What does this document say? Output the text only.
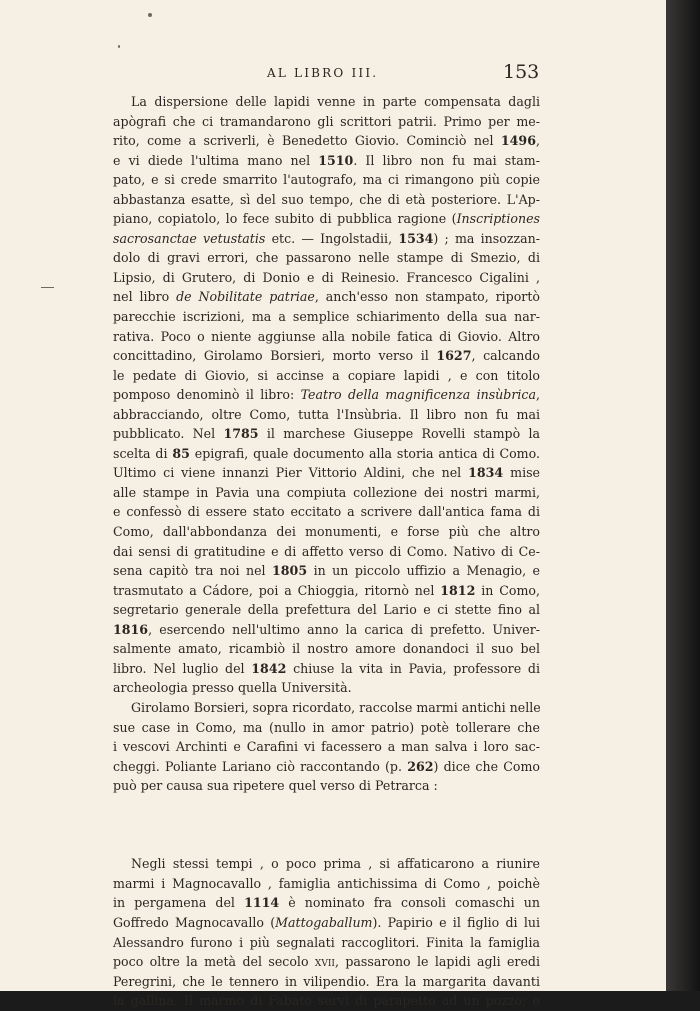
AL LIBRO III.	153
La dispersione delle lapidi venne in parte compensata dagli
apògrafi che ci tramandarono gli scrittori patrii. Primo per me-
rito, come a scriverli, è Benedetto Giovio. Cominciò nel 1496,
e vi diede l'ultima mano nel 1510. Il libro non fu mai stam-
pato, e si crede smarrito l'autografo, ma ci rimangono più copie
abbastanza esatte, sì del suo tempo, che di età posteriore. L'Ap-
piano, copiatolo, lo fece subito di pubblica ragione (Inscriptiones
sacrosanctae vetustatis etc. — Ingolstadii, 1534) ; ma insozzan-
dolo di gravi errori, che passarono nelle stampe di Smezio, di
Lipsio, di Grutero, di Donio e di Reinesio. Francesco Cigalini ,
nel libro de Nobilitate patriae, anch'esso non stampato, riportò
parecchie iscrizioni, ma a semplice schiarimento della sua nar-
rativa. Poco o niente aggiunse alla nobile fatica di Giovio. Altro
concittadino, Girolamo Borsieri, morto verso il 1627, calcando
le pedate di Giovio, si accinse a copiare lapidi , e con titolo
pomposo denominò il libro: Teatro della magnificenza insùbrica,
abbracciando, oltre Como, tutta l'Insùbria. Il libro non fu mai
pubblicato. Nel 1785 il marchese Giuseppe Rovelli stampò la
scelta di 85 epigrafi, quale documento alla storia antica di Como.
Ultimo ci viene innanzi Pier Vittorio Aldini, che nel 1834 mise
alle stampe in Pavia una compiuta collezione dei nostri marmi,
e confessò di essere stato eccitato a scrivere dall'antica fama di
Como, dall'abbondanza dei monumenti, e forse più che altro
dai sensi di gratitudine e di affetto verso di Como. Nativo di Ce-
sena capitò tra noi nel 1805 in un piccolo uffizio a Menagio, e
trasmutato a Cádore, poi a Chioggia, ritornò nel 1812 in Como,
segretario generale della prefettura del Lario e ci stette fino al
1816, esercendo nell'ultimo anno la carica di prefetto. Univer-
salmente amato, ricambiò il nostro amore donandoci il suo bel
libro. Nel luglio del 1842 chiuse la vita in Pavia, professore di
archeologia presso quella Università.
Girolamo Borsieri, sopra ricordato, raccolse marmi antichi nelle
sue case in Como, ma (nullo in amor patrio) potè tollerare che
i vescovi Archinti e Carafini vi facessero a man salva i loro sac-
cheggi. Poliante Lariano ciò raccontando (p. 262) dice che Como
può per causa sua ripetere quel verso di Petrarca :
Negli stessi tempi , o poco prima , si affaticarono a riunire
marmi i Magnocavallo , famiglia antichissima di Como , poichè
in pergamena del 1114 è nominato fra consoli comaschi un
Goffredo Magnocavallo (Mattogaballum). Papirio e il figlio di lui
Alessandro furono i più segnalati raccoglitori. Finita la famiglia
poco oltre la metà del secolo xvii, passarono le lapidi agli eredi
Peregrini, che le tennero in vilipendio. Era la margarita davanti
la gallina. Il marmo di Fabato servì di parapetto ad un pozzo; e
